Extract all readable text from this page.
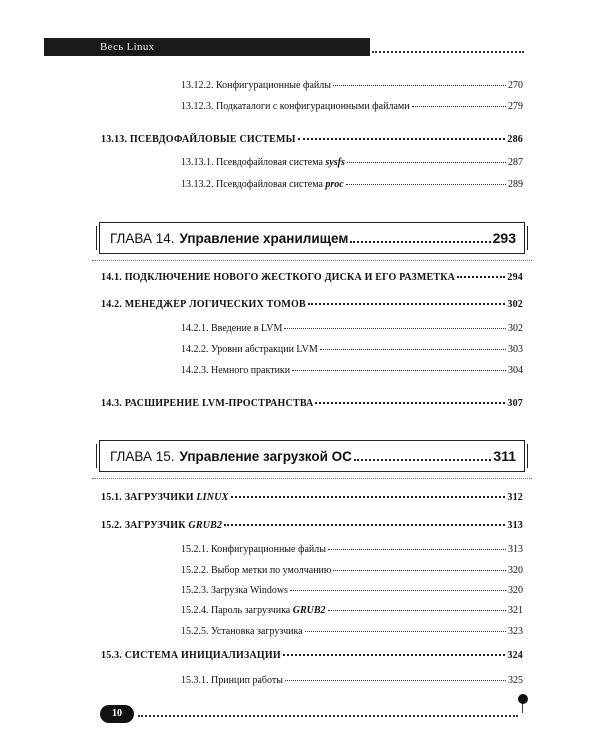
Весь Linux
13.12.2. Конфигурационные файлы	270
13.12.3. Подкаталоги с конфигурационными файлами	279
13.13. ПСЕВДОФАЙЛОВЫЕ СИСТЕМЫ	286
13.13.1. Псевдофайловая система sysfs	287
13.13.2. Псевдофайловая система proc	289
ГЛАВА 14. Управление хранилищем	293
14.1. ПОДКЛЮЧЕНИЕ НОВОГО ЖЕСТКОГО ДИСКА И ЕГО РАЗМЕТКА	294
14.2. МЕНЕДЖЕР ЛОГИЧЕСКИХ ТОМОВ	302
14.2.1. Введение в LVM	302
14.2.2. Уровни абстракции LVM	303
14.2.3. Немного практики	304
14.3. РАСШИРЕНИЕ LVM-ПРОСТРАНСТВА	307
ГЛАВА 15. Управление загрузкой ОС	311
15.1. ЗАГРУЗЧИКИ LINUX	312
15.2. ЗАГРУЗЧИК GRUB2	313
15.2.1. Конфигурационные файлы	313
15.2.2. Выбор метки по умолчанию	320
15.2.3. Загрузка Windows	320
15.2.4. Пароль загрузчика GRUB2	321
15.2.5. Установка загрузчика	323
15.3. СИСТЕМА ИНИЦИАЛИЗАЦИИ	324
15.3.1. Принцип работы	325
10
